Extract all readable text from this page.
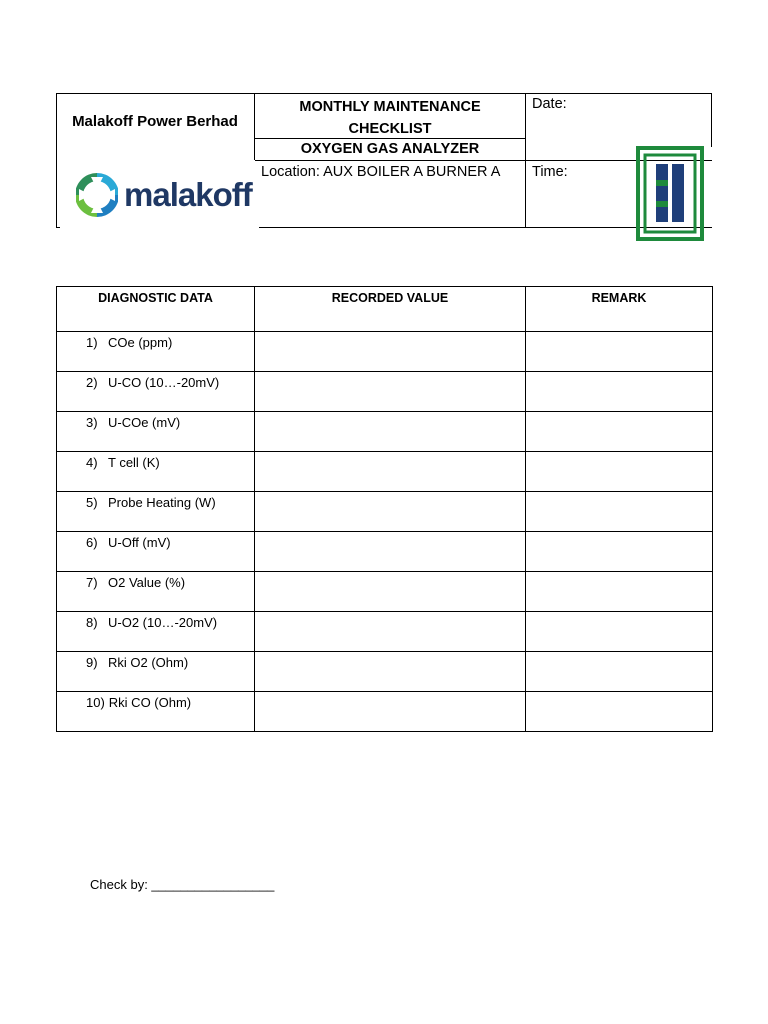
Malakoff Power Berhad
MONTHLY MAINTENANCE
CHECKLIST
OXYGEN GAS ANALYZER
Location: AUX BOILER A BURNER A
Date:
Time:
malakoff
DIAGNOSTIC DATA	RECORDED VALUE	REMARK

1) COe (ppm)		

2) U-CO (10…-20mV)		

3) U-COe (mV)		

4) T cell (K)		

5) Probe Heating (W)		

6) U-Off (mV)		

7) O2 Value (%)		

8) U-O2 (10…-20mV)		

9) Rki O2 (Ohm)		

10) Rki CO (Ohm)		

Check by: _________________
